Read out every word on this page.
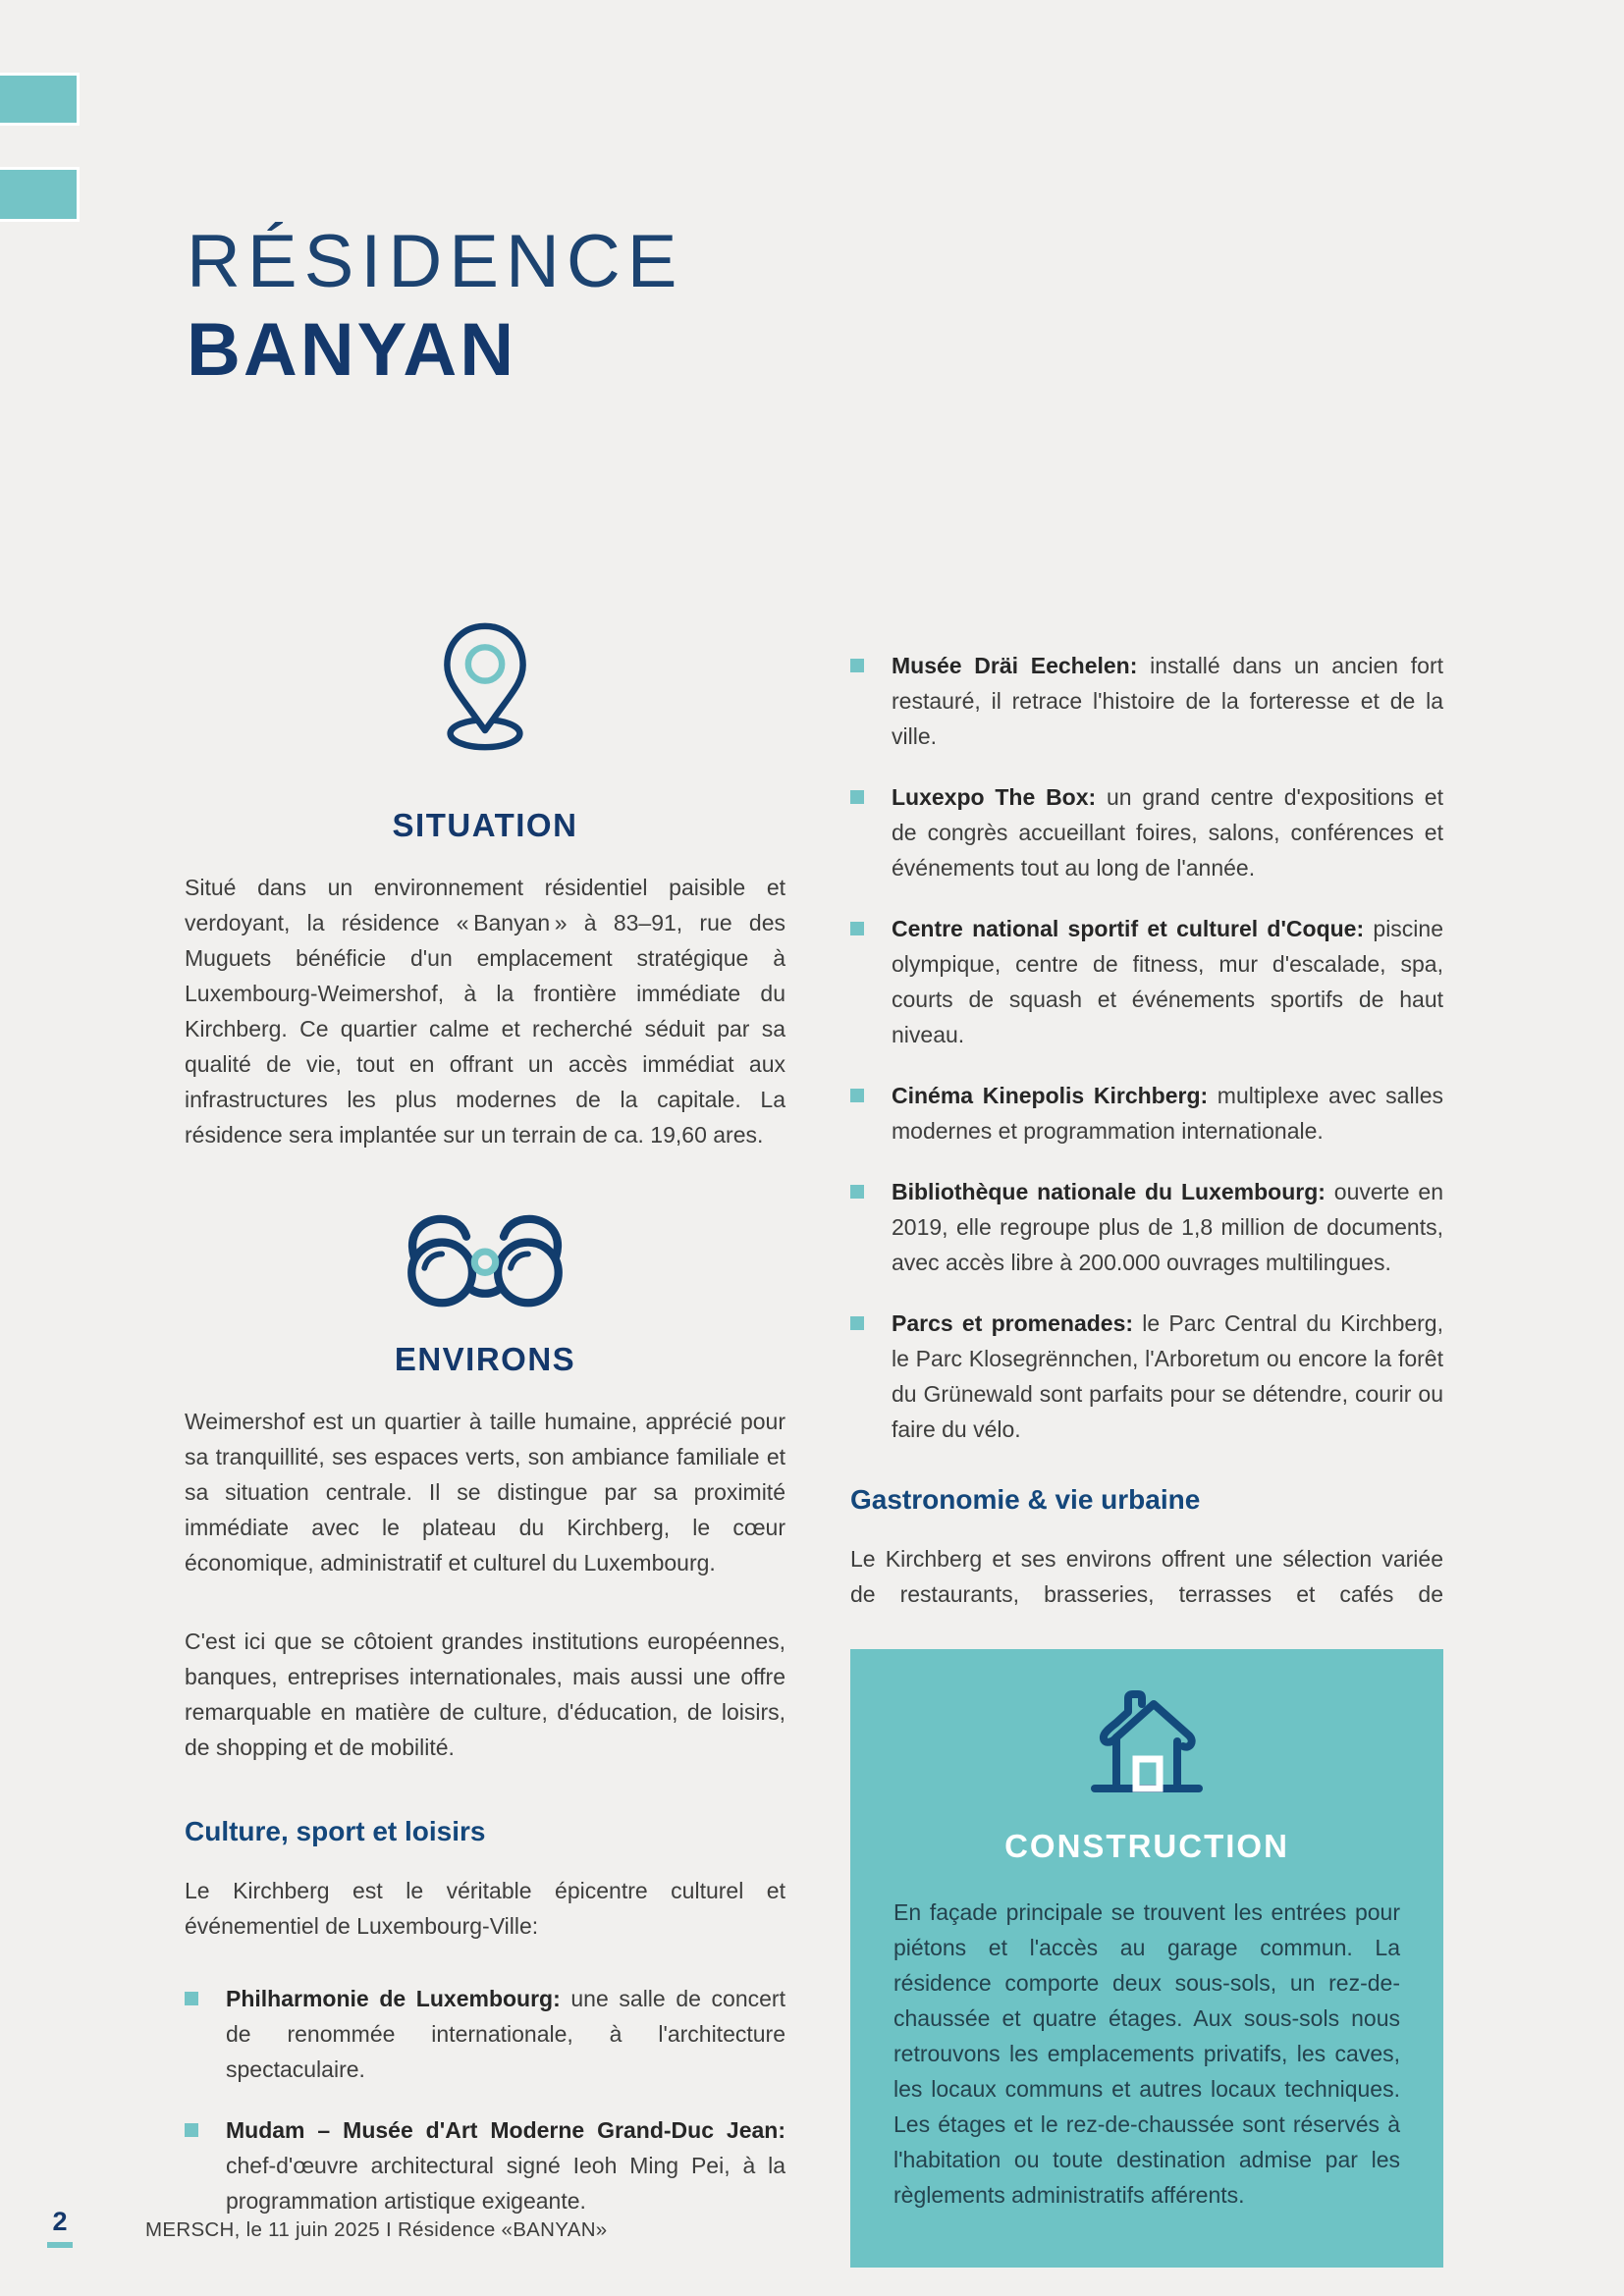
RÉSIDENCE
BANYAN
SITUATION

Situé dans un environnement résidentiel paisible et verdoyant, la résidence « Banyan » à 83–91, rue des Muguets bénéficie d'un emplacement stratégique à Luxembourg-Weimershof, à la frontière immédiate du Kirchberg. Ce quartier calme et recherché séduit par sa qualité de vie, tout en offrant un accès immédiat aux infrastructures les plus modernes de la capitale. La résidence sera implantée sur un terrain de ca. 19,60 ares.

ENVIRONS

Weimershof est un quartier à taille humaine, apprécié pour sa tranquillité, ses espaces verts, son ambiance familiale et sa situation centrale. Il se distingue par sa proximité immédiate avec le plateau du Kirchberg, le cœur économique, administratif et culturel du Luxembourg.

C'est ici que se côtoient grandes institutions européennes, banques, entreprises internationales, mais aussi une offre remarquable en matière de culture, d'éducation, de loisirs, de shopping et de mobilité.

Culture, sport et loisirs

Le Kirchberg est le véritable épicentre culturel et événementiel de Luxembourg-Ville:

Philharmonie de Luxembourg: une salle de concert de renommée internationale, à l'architecture spectaculaire.
Mudam – Musée d'Art Moderne Grand-Duc Jean: chef-d'œuvre architectural signé Ieoh Ming Pei, à la programmation artistique exigeante.
Musée Dräi Eechelen: installé dans un ancien fort restauré, il retrace l'histoire de la forteresse et de la ville.
Luxexpo The Box: un grand centre d'expositions et de congrès accueillant foires, salons, conférences et événements tout au long de l'année.
Centre national sportif et culturel d'Coque: piscine olympique, centre de fitness, mur d'escalade, spa, courts de squash et événements sportifs de haut niveau.
Cinéma Kinepolis Kirchberg: multiplexe avec salles modernes et programmation internationale.
Bibliothèque nationale du Luxembourg: ouverte en 2019, elle regroupe plus de 1,8 million de documents, avec accès libre à 200.000 ouvrages multilingues.
Parcs et promenades: le Parc Central du Kirchberg, le Parc Klosegrënnchen, l'Arboretum ou encore la forêt du Grünewald sont parfaits pour se détendre, courir ou faire du vélo.
Gastronomie & vie urbaine

Le Kirchberg et ses environs offrent une sélection variée de restaurants, brasseries, terrasses et cafés de

CONSTRUCTION

En façade principale se trouvent les entrées pour piétons et l'accès au garage commun. La résidence comporte deux sous-sols, un rez-de-chaussée et quatre étages. Aux sous-sols nous retrouvons les emplacements privatifs, les caves, les locaux communs et autres locaux techniques. Les étages et le rez-de-chaussée sont réservés à l'habitation ou toute destination admise par les règlements administratifs afférents.

2	MERSCH, le 11 juin 2025 I Résidence «BANYAN»
